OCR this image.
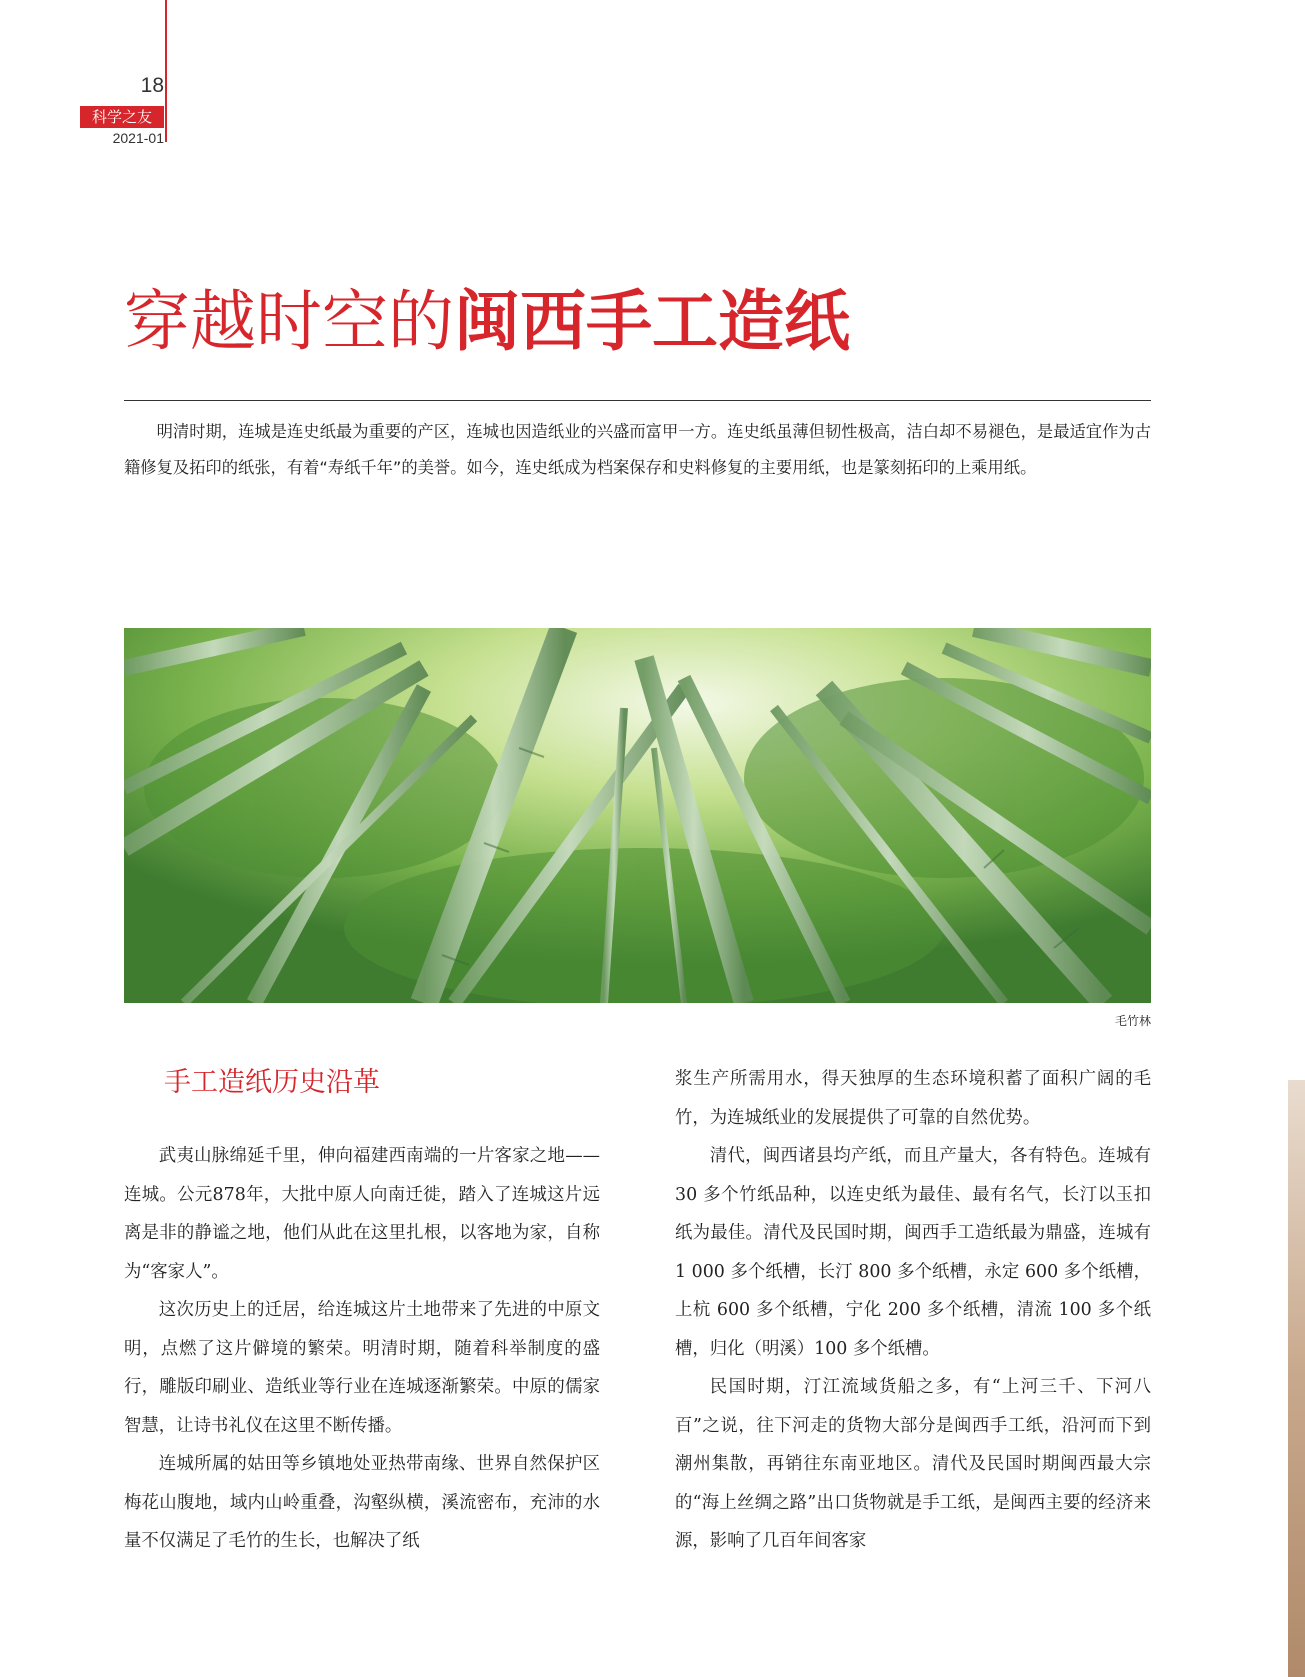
18
科学之友
2021-01
穿越时空的闽西手工造纸

明清时期，连城是连史纸最为重要的产区，连城也因造纸业的兴盛而富甲一方。连史纸虽薄但韧性极高，洁白却不易褪色，是最适宜作为古籍修复及拓印的纸张，有着“寿纸千年”的美誉。如今，连史纸成为档案保存和史料修复的主要用纸，也是篆刻拓印的上乘用纸。

毛竹林
手工造纸历史沿革

武夷山脉绵延千里，伸向福建西南端的一片客家之地——连城。公元878年，大批中原人向南迁徙，踏入了连城这片远离是非的静谧之地，他们从此在这里扎根，以客地为家，自称为“客家人”。

这次历史上的迁居，给连城这片土地带来了先进的中原文明，点燃了这片僻境的繁荣。明清时期，随着科举制度的盛行，雕版印刷业、造纸业等行业在连城逐渐繁荣。中原的儒家智慧，让诗书礼仪在这里不断传播。

连城所属的姑田等乡镇地处亚热带南缘、世界自然保护区梅花山腹地，域内山岭重叠，沟壑纵横，溪流密布，充沛的水量不仅满足了毛竹的生长，也解决了纸

浆生产所需用水，得天独厚的生态环境积蓄了面积广阔的毛竹，为连城纸业的发展提供了可靠的自然优势。

清代，闽西诸县均产纸，而且产量大，各有特色。连城有 30 多个竹纸品种，以连史纸为最佳、最有名气，长汀以玉扣纸为最佳。清代及民国时期，闽西手工造纸最为鼎盛，连城有 1 000 多个纸槽，长汀 800 多个纸槽，永定 600 多个纸槽，上杭 600 多个纸槽，宁化 200 多个纸槽，清流 100 多个纸槽，归化（明溪）100 多个纸槽。

民国时期，汀江流域货船之多，有“上河三千、下河八百”之说，往下河走的货物大部分是闽西手工纸，沿河而下到潮州集散，再销往东南亚地区。清代及民国时期闽西最大宗的“海上丝绸之路”出口货物就是手工纸，是闽西主要的经济来源，影响了几百年间客家
